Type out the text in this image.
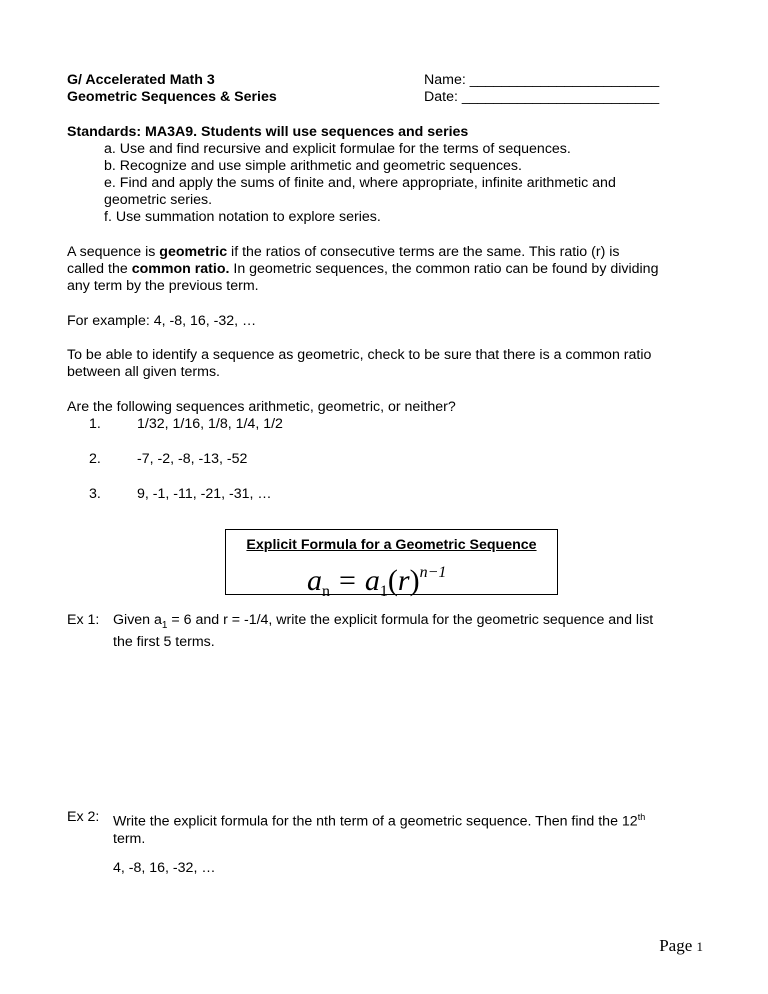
G/ Accelerated Math 3
Geometric Sequences & Series
Name: ________________________
Date: _________________________
Standards: MA3A9. Students will use sequences and series
a. Use and find recursive and explicit formulae for the terms of sequences.
b. Recognize and use simple arithmetic and geometric sequences.
e. Find and apply the sums of finite and, where appropriate, infinite arithmetic and
geometric series.
f. Use summation notation to explore series.
A sequence is geometric if the ratios of consecutive terms are the same. This ratio (r) is
called the common ratio. In geometric sequences, the common ratio can be found by dividing
any term by the previous term.
For example: 4, -8, 16, -32, …
To be able to identify a sequence as geometric, check to be sure that there is a common ratio
between all given terms.
Are the following sequences arithmetic, geometric, or neither?
1.	1/32, 1/16, 1/8, 1/4, 1/2
2.	-7, -2, -8, -13, -52
3.	9, -1, -11, -21, -31, …
Explicit Formula for a Geometric Sequence
$a_n = a_1(r)^{n-1}$
Ex 1: Given $a_1 = 6$ and r = -1/4, write the explicit formula for the geometric sequence and list
the first 5 terms.
Ex 2: Write the explicit formula for the nth term of a geometric sequence. Then find the 12th
term.
4, -8, 16, -32, …
Page 1
